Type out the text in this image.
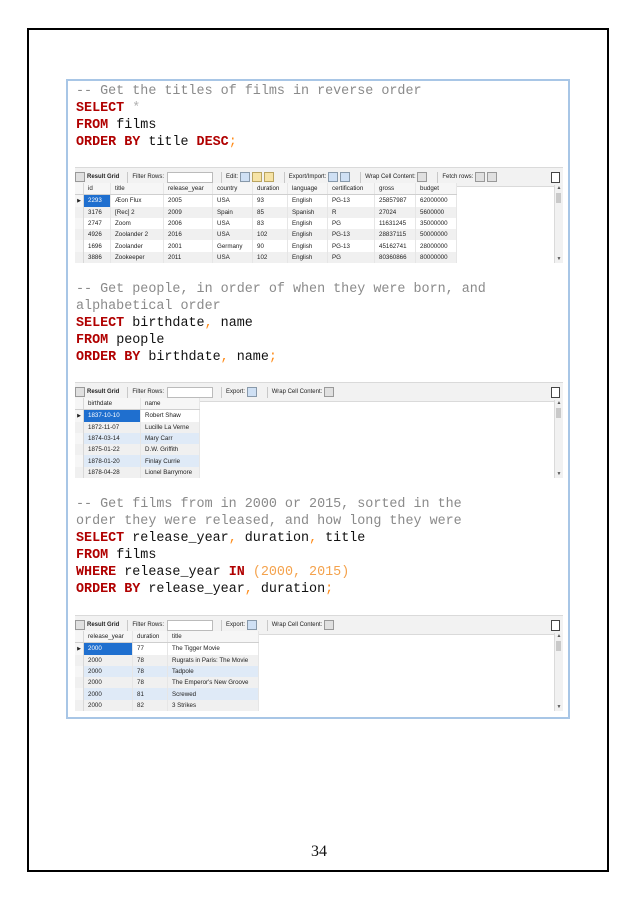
-- Get the titles of films in reverse order
SELECT *
FROM films
ORDER BY title DESC;
Result Grid Filter Rows:	Edit:
	Export/Import:
	Wrap Cell Content:
	Fetch rows:

	id	title	release_year	country	duration	language	certification	gross	budget
▶	2293	Æon Flux	2005	USA	93	English	PG-13	25857987	62000000
	3176	[Rec] 2	2009	Spain	85	Spanish	R	27024	5600000
	2747	Zoom	2006	USA	83	English	PG	11631245	35000000
	4926	Zoolander 2	2016	USA	102	English	PG-13	28837115	50000000
	1696	Zoolander	2001	Germany	90	English	PG-13	45162741	28000000
	3886	Zookeeper	2011	USA	102	English	PG	80360866	80000000
▲
▼
-- Get people, in order of when they were born, and
alphabetical order
SELECT birthdate, name
FROM people
ORDER BY birthdate, name;
Result Grid Filter Rows:	Export:
	Wrap Cell Content:

	birthdate	name
▶	1837-10-10	Robert Shaw
	1872-11-07	Lucille La Verne
	1874-03-14	Mary Carr
	1875-01-22	D.W. Griffith
	1878-01-20	Finlay Currie
	1878-04-28	Lionel Barrymore
▲
▼
-- Get films from in 2000 or 2015, sorted in the
order they were released, and how long they were
SELECT release_year, duration, title
FROM films
WHERE release_year IN (2000, 2015)
ORDER BY release_year, duration;
Result Grid Filter Rows:	Export:
	Wrap Cell Content:

	release_year	duration	title
▶	2000	77	The Tigger Movie
	2000	78	Rugrats in Paris: The Movie
	2000	78	Tadpole
	2000	78	The Emperor's New Groove
	2000	81	Screwed
	2000	82	3 Strikes
▲
▼
34
